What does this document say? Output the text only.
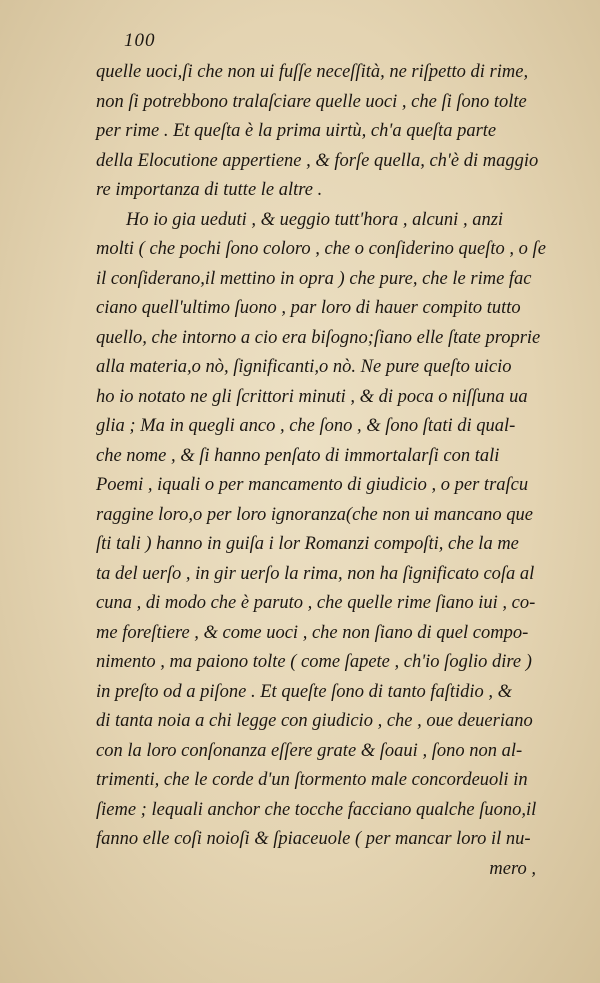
100
quelle uoci,ſi che non ui fuſſe neceſſità, ne riſpetto di rime,
non ſi potrebbono tralaſciare quelle uoci , che ſi ſono tolte
per rime . Et queſta è la prima uirtù, ch'a queſta parte
della Elocutione appertiene , & forſe quella, ch'è di maggio
re importanza di tutte le altre .
Ho io gia ueduti , & ueggio tutt'hora , alcuni , anzi
molti ( che pochi ſono coloro , che o conſiderino queſto , o ſe
il conſiderano,il mettino in opra ) che pure, che le rime fac
ciano quell'ultimo ſuono , par loro di hauer compito tutto
quello, che intorno a cio era biſogno;ſiano elle ſtate proprie
alla materia,o nò, ſignificanti,o nò. Ne pure queſto uicio
ho io notato ne gli ſcrittori minuti , & di poca o niſſuna ua
glia ; Ma in quegli anco , che ſono , & ſono ſtati di qual-
che nome , & ſi hanno penſato di immortalarſi con tali
Poemi , iquali o per mancamento di giudicio , o per traſcu
raggine loro,o per loro ignoranza(che non ui mancano que
ſti tali ) hanno in guiſa i lor Romanzi compoſti, che la me
ta del uerſo , in gir uerſo la rima, non ha ſignificato coſa al
cuna , di modo che è paruto , che quelle rime ſiano iui , co-
me foreſtiere , & come uoci , che non ſiano di quel compo-
nimento , ma paiono tolte ( come ſapete , ch'io ſoglio dire )
in preſto od a piſone . Et queſte ſono di tanto faſtidio , &
di tanta noia a chi legge con giudicio , che , oue deueriano
con la loro conſonanza eſſere grate & ſoaui , ſono non al-
trimenti, che le corde d'un ſtormento male concordeuoli in
ſieme ; lequali anchor che tocche facciano qualche ſuono,il
fanno elle coſi noioſi & ſpiaceuole ( per mancar loro il nu-
mero ,
